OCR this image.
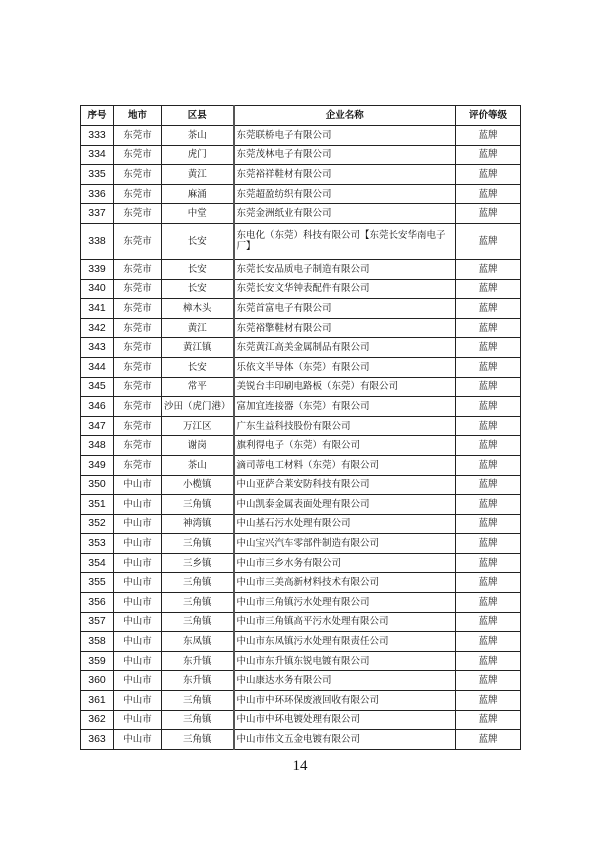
序号	地市	区县	企业名称	评价等级
333	东莞市	茶山	东莞联桥电子有限公司	蓝牌
334	东莞市	虎门	东莞茂林电子有限公司	蓝牌
335	东莞市	黄江	东莞裕祥鞋材有限公司	蓝牌
336	东莞市	麻涌	东莞超盈纺织有限公司	蓝牌
337	东莞市	中堂	东莞金洲纸业有限公司	蓝牌
338	东莞市	长安	东电化（东莞）科技有限公司【东莞长安华南电子厂】	蓝牌
339	东莞市	长安	东莞长安品质电子制造有限公司	蓝牌
340	东莞市	长安	东莞长安文华钟表配件有限公司	蓝牌
341	东莞市	樟木头	东莞首富电子有限公司	蓝牌
342	东莞市	黄江	东莞裕擎鞋材有限公司	蓝牌
343	东莞市	黄江镇	东莞黄江高美金属制品有限公司	蓝牌
344	东莞市	长安	乐依文半导体（东莞）有限公司	蓝牌
345	东莞市	常平	美锐台丰印刷电路板（东莞）有限公司	蓝牌
346	东莞市	沙田（虎门港）	富加宜连接器（东莞）有限公司	蓝牌
347	东莞市	万江区	广东生益科技股份有限公司	蓝牌
348	东莞市	谢岗	旗利得电子（东莞）有限公司	蓝牌
349	东莞市	茶山	滴司蒂电工材料（东莞）有限公司	蓝牌
350	中山市	小榄镇	中山亚萨合莱安防科技有限公司	蓝牌
351	中山市	三角镇	中山凯泰金属表面处理有限公司	蓝牌
352	中山市	神湾镇	中山基石污水处理有限公司	蓝牌
353	中山市	三角镇	中山宝兴汽车零部件制造有限公司	蓝牌
354	中山市	三乡镇	中山市三乡水务有限公司	蓝牌
355	中山市	三角镇	中山市三美高新材料技术有限公司	蓝牌
356	中山市	三角镇	中山市三角镇污水处理有限公司	蓝牌
357	中山市	三角镇	中山市三角镇高平污水处理有限公司	蓝牌
358	中山市	东凤镇	中山市东凤镇污水处理有限责任公司	蓝牌
359	中山市	东升镇	中山市东升镇东锐电镀有限公司	蓝牌
360	中山市	东升镇	中山康达水务有限公司	蓝牌
361	中山市	三角镇	中山市中环环保废液回收有限公司	蓝牌
362	中山市	三角镇	中山市中环电镀处理有限公司	蓝牌
363	中山市	三角镇	中山市伟文五金电镀有限公司	蓝牌
14
